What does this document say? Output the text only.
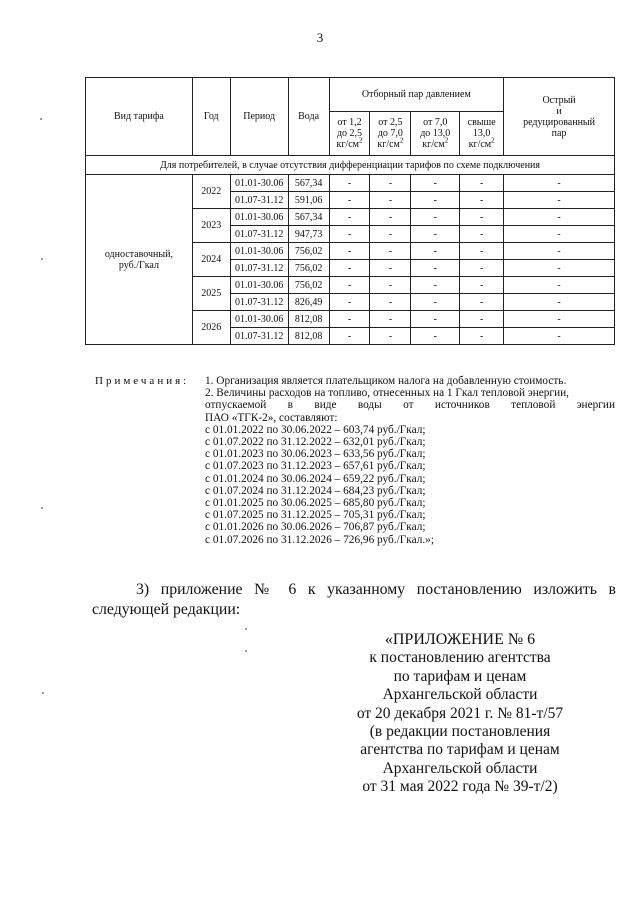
3
Вид тарифа	Год	Период	Вода	Отборный пар давлением				Острый
и
редуцированный
пар
				от 1,2
до 2,5
$кг/см^2$	от 2,5
до 7,0
$кг/см^2$	от 7,0
до 13,0
$кг/см^2$	свыше
13,0
$кг/см^2$
Для потребителей, в случае отсутствия дифференциации тарифов по схеме подключения								
одноставочный,
руб./Гкал	2022	01.01-30.06	567,34	-	-	-	-	-
		01.07-31.12	591,06	-	-	-	-	-
	2023	01.01-30.06	567,34	-	-	-	-	-
		01.07-31.12	947,73	-	-	-	-	-
	2024	01.01-30.06	756,02	-	-	-	-	-
		01.07-31.12	756,02	-	-	-	-	-
	2025	01.01-30.06	756,02	-	-	-	-	-
		01.07-31.12	826,49	-	-	-	-	-
	2026	01.01-30.06	812,08	-	-	-	-	-
		01.07-31.12	812,08	-	-	-	-	-
Примечания: 1. Организация является плательщиком налога на добавленную стоимость.

2. Величины расходов на топливо, отнесенных на 1 Гкал тепловой энергии,

отпускаемой в виде воды от источников тепловой энергии

ПАО «ТГК-2», составляют:

с 01.01.2022 по 30.06.2022 – 603,74 руб./Гкал;

с 01.07.2022 по 31.12.2022 – 632,01 руб./Гкал;

с 01.01.2023 по 30.06.2023 – 633,56 руб./Гкал;

с 01.07.2023 по 31.12.2023 – 657,61 руб./Гкал;

с 01.01.2024 по 30.06.2024 – 659,22 руб./Гкал;

с 01.07.2024 по 31.12.2024 – 684,23 руб./Гкал;

с 01.01.2025 по 30.06.2025 – 685,80 руб./Гкал;

с 01.07.2025 по 31.12.2025 – 705,31 руб./Гкал;

с 01.01.2026 по 30.06.2026 – 706,87 руб./Гкал;

с 01.07.2026 по 31.12.2026 – 726,96 руб./Гкал.»;

3) приложение № 6 к указанному постановлению изложить в следующей редакции:

«ПРИЛОЖЕНИЕ № 6

к постановлению агентства

по тарифам и ценам

Архангельской области

от 20 декабря 2021 г. № 81-т/57

(в редакции постановления

агентства по тарифам и ценам

Архангельской области

от 31 мая 2022 года № 39-т/2)
